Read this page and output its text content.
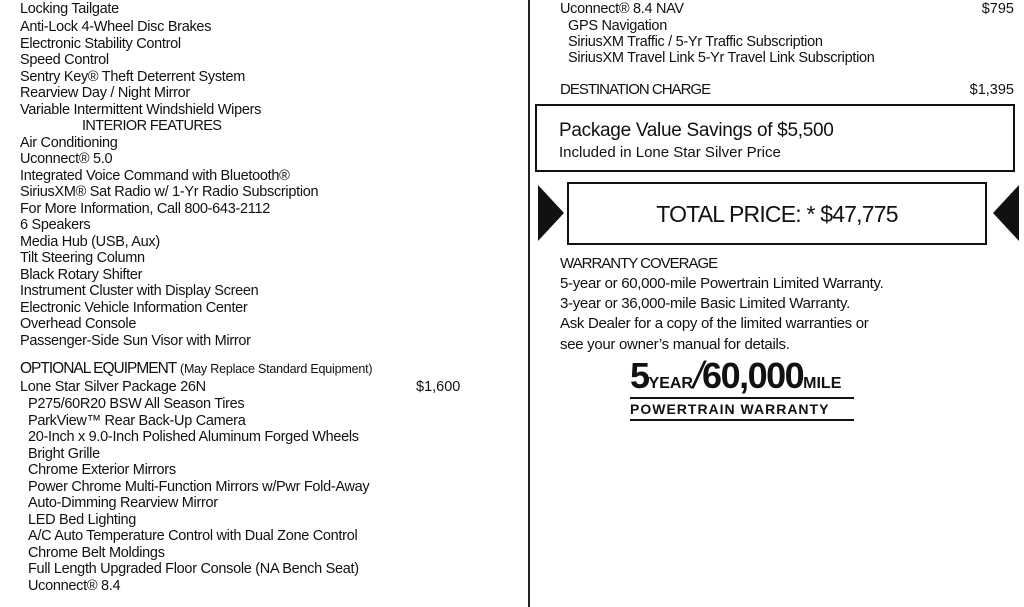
Locking Tailgate
Anti-Lock 4-Wheel Disc Brakes
Electronic Stability Control
Speed Control
Sentry Key® Theft Deterrent System
Rearview Day / Night Mirror
Variable Intermittent Windshield Wipers
INTERIOR FEATURES
Air Conditioning
Uconnect® 5.0
Integrated Voice Command with Bluetooth®
SiriusXM® Sat Radio w/ 1-Yr Radio Subscription
For More Information, Call 800-643-2112
6 Speakers
Media Hub (USB, Aux)
Tilt Steering Column
Black Rotary Shifter
Instrument Cluster with Display Screen
Electronic Vehicle Information Center
Overhead Console
Passenger-Side Sun Visor with Mirror
OPTIONAL EQUIPMENT (May Replace Standard Equipment)
Lone Star Silver Package 26N	$1,600
P275/60R20 BSW All Season Tires
ParkView™ Rear Back-Up Camera
20-Inch x 9.0-Inch Polished Aluminum Forged Wheels
Bright Grille
Chrome Exterior Mirrors
Power Chrome Multi-Function Mirrors w/Pwr Fold-Away
Auto-Dimming Rearview Mirror
LED Bed Lighting
A/C Auto Temperature Control with Dual Zone Control
Chrome Belt Moldings
Full Length Upgraded Floor Console (NA Bench Seat)
Uconnect® 8.4
Uconnect® 8.4 NAV	$795
GPS Navigation
SiriusXM Traffic / 5-Yr Traffic Subscription
SiriusXM Travel Link 5-Yr Travel Link Subscription
DESTINATION CHARGE	$1,395
Package Value Savings of $5,500
Included in Lone Star Silver Price
TOTAL PRICE: * $47,775
WARRANTY COVERAGE
5-year or 60,000-mile Powertrain Limited Warranty.
3-year or 36,000-mile Basic Limited Warranty.
Ask Dealer for a copy of the limited warranties or
see your owner’s manual for details.
5YEAR/60,000MILE
POWERTRAIN WARRANTY
